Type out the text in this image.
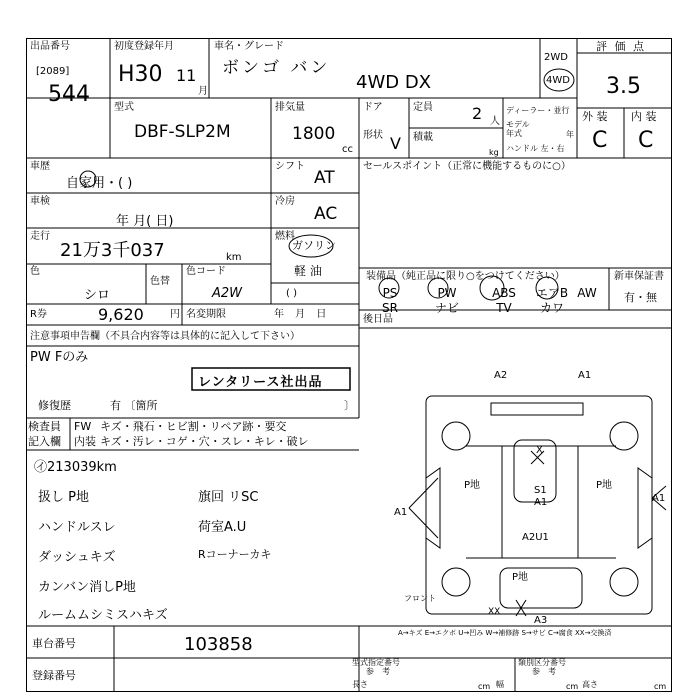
出品番号
[2089]
544
初度登録年月
H30 11
月
車名・グレード
ボンゴ バン
4WD DX
2WD
4WD
評 価 点
3.5
外 装 内 装
C C
型式
DBF-SLP2M
排気量
1800
cc
ドア
形状 V
定員 2 人
積載
kg
ディーラー・並行
モデル
年式	年
ハンドル 左・右
車歴
自家用・( )
車検
年 月( 日)
走行
21万3千037	km
色
シロ
色替
色コード
A2W
R券	9,620	円 名変期限	年 月 日
シフト
AT
冷房
AC
燃料
ガソリン
軽 油
( )
セールスポイント（正常に機能するものに○）
装備品（純正品に限り○をつけてください）	新車保証書
有・無
PS	PW	ABS エアB AW
SR	ナビ	TV カワ
後日品
注意事項申告欄（不具合内容等は具体的に記入して下さい）
PW Fのみ
レンタリース社出品
修復歴	有 〔箇所	〕
検査員
記入欄
FW キズ・飛石・ヒビ割・リペア跡・要交
内装 キズ・汚レ・コゲ・穴・スレ・キレ・破レ
㋑213039km
扱し P地
ハンドルスレ
ダッシュキズ
カンバン消しP地
ルームムシミスハキズ
旗回 リSC
荷室A.U
Rコーナーカキ
A2	A1
X
P地	P地
S1
A1
A1
A1
A2U1
P地
XX
A3
フロント
A→キズ E→エクボ U→凹み W→補修跡 S→サビ C→腐食 XX→交換済
車台番号	103858
登録番号
型式指定番号
参　考
類別区分番号
参　考
長さ	cm 幅	cm 高さ	cm
